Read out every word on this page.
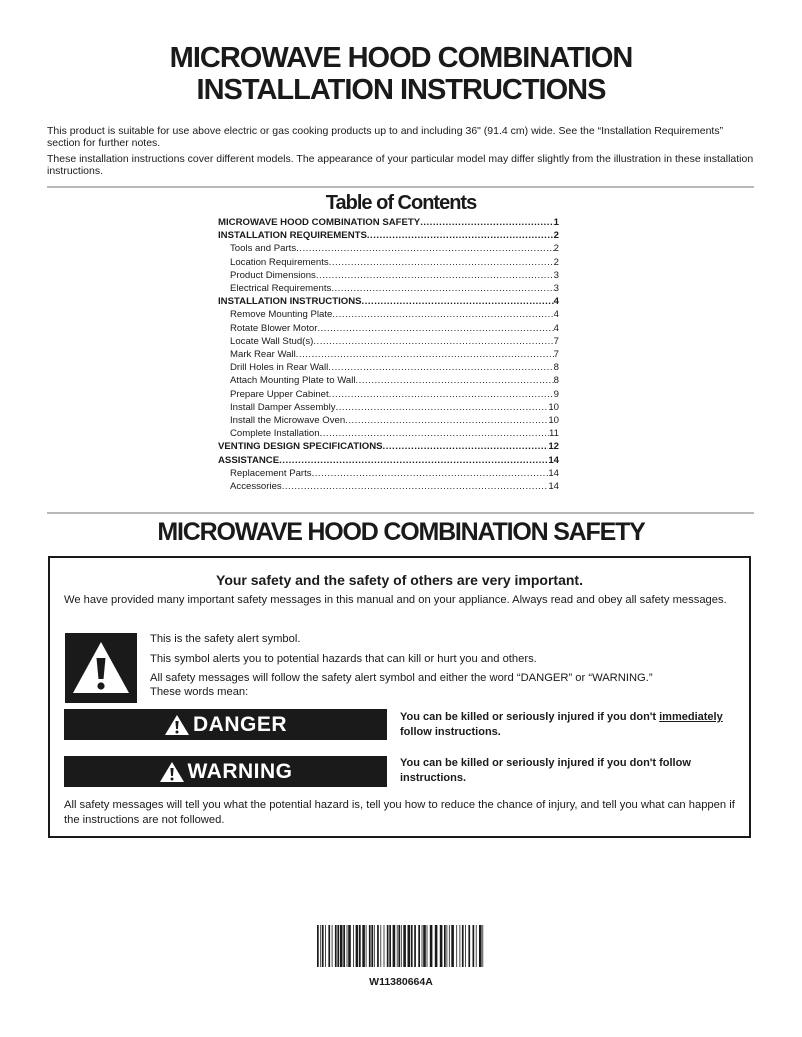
MICROWAVE HOOD COMBINATION
INSTALLATION INSTRUCTIONS
This product is suitable for use above electric or gas cooking products up to and including 36" (91.4 cm) wide. See the “Installation Requirements” section for further notes.
These installation instructions cover different models. The appearance of your particular model may differ slightly from the illustration in these installation instructions.
Table of Contents
MICROWAVE HOOD COMBINATION SAFETY .....	1
INSTALLATION REQUIREMENTS .....	2
Tools and Parts .....	2
Location Requirements .....	2
Product Dimensions .....	3
Electrical Requirements .....	3
INSTALLATION INSTRUCTIONS .....	4
Remove Mounting Plate .....	4
Rotate Blower Motor .....	4
Locate Wall Stud(s) .....	7
Mark Rear Wall .....	7
Drill Holes in Rear Wall .....	8
Attach Mounting Plate to Wall .....	8
Prepare Upper Cabinet .....	9
Install Damper Assembly .....	10
Install the Microwave Oven .....	10
Complete Installation .....	11
VENTING DESIGN SPECIFICATIONS .....	12
ASSISTANCE .....	14
Replacement Parts .....	14
Accessories .....	14
MICROWAVE HOOD COMBINATION SAFETY
Your safety and the safety of others are very important.
We have provided many important safety messages in this manual and on your appliance. Always read and obey all safety messages.
This is the safety alert symbol.
This symbol alerts you to potential hazards that can kill or hurt you and others.
All safety messages will follow the safety alert symbol and either the word “DANGER” or “WARNING.”
These words mean:
DANGER	You can be killed or seriously injured if you don't immediately
follow instructions.
WARNING	You can be killed or seriously injured if you don't follow instructions.
All safety messages will tell you what the potential hazard is, tell you how to reduce the chance of injury, and tell you what can happen if the instructions are not followed.
W11380664A
